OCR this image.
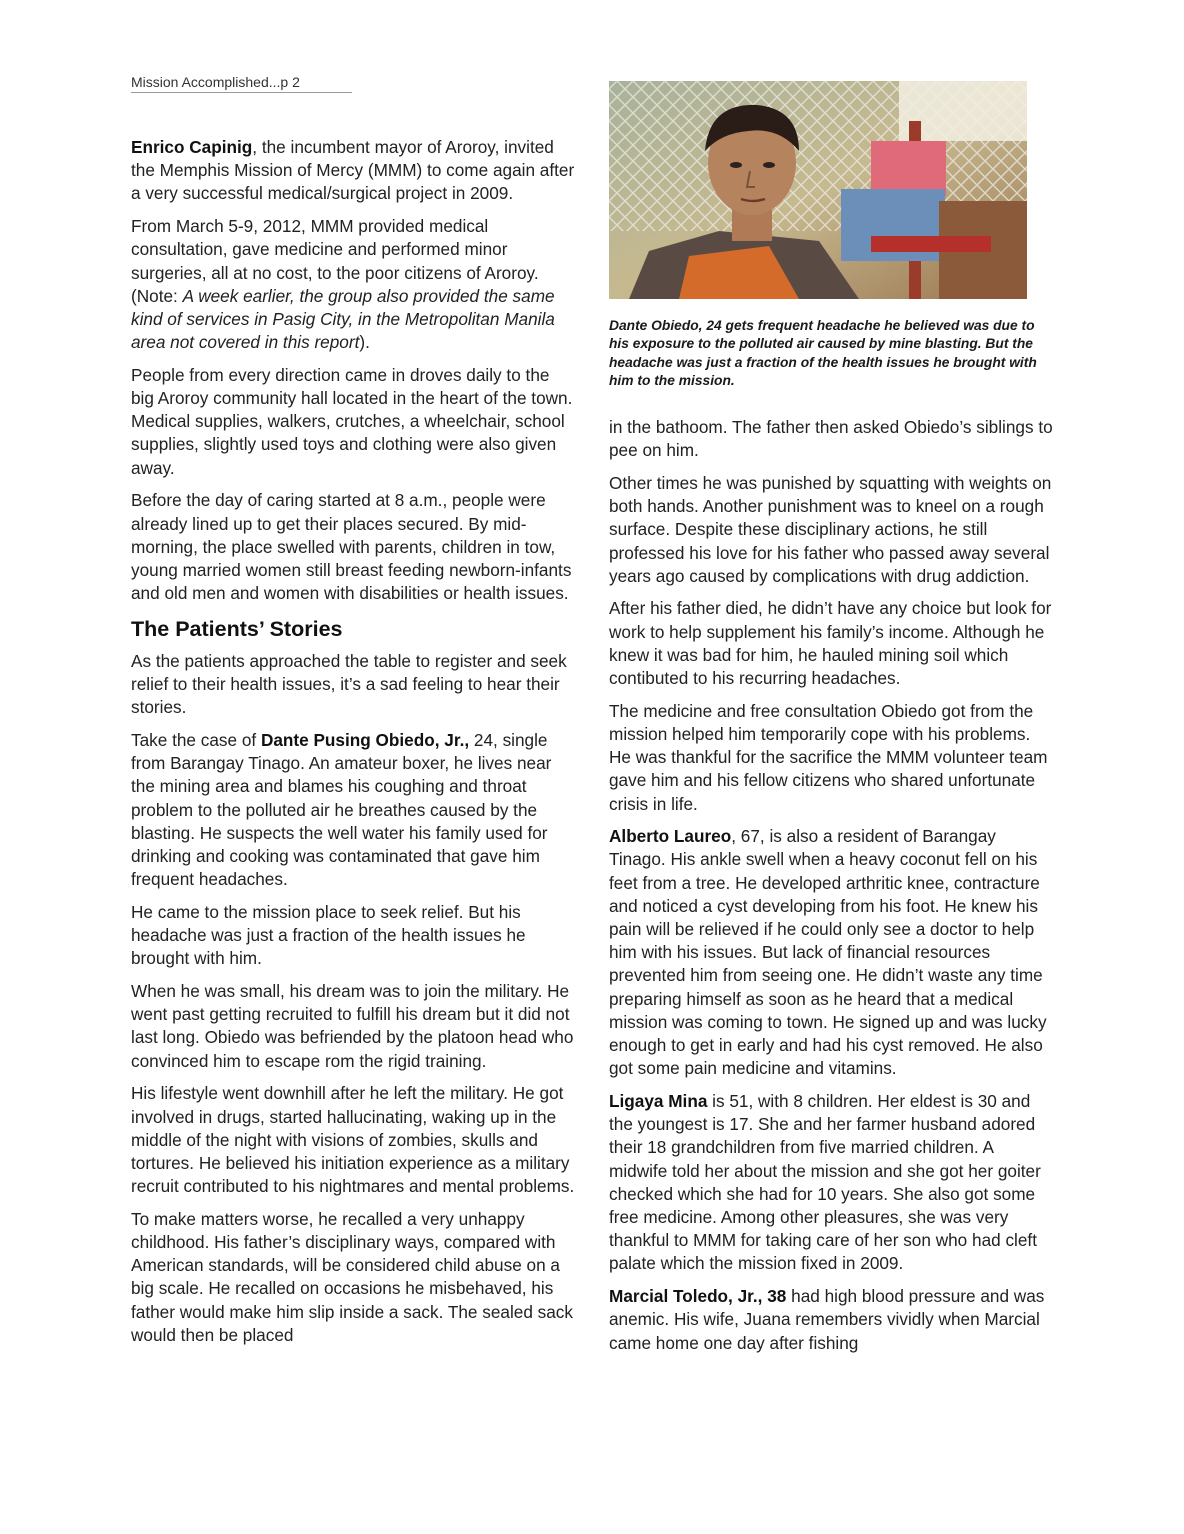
Mission Accomplished...p 2

Enrico Capinig, the incumbent mayor of Aroroy, invited the Memphis Mission of Mercy (MMM) to come again after a very successful medical/surgical project in 2009.

From March 5-9, 2012, MMM provided medical consultation, gave medicine and performed minor surgeries, all at no cost, to the poor citizens of Aroroy. (Note: A week earlier, the group also provided the same kind of services in Pasig City, in the Metropolitan Manila area not covered in this report).

People from every direction came in droves daily to the big Aroroy community hall located in the heart of the town. Medical supplies, walkers, crutches, a wheelchair, school supplies, slightly used toys and clothing were also given away.

Before the day of caring started at 8 a.m., people were already lined up to get their places secured. By mid-morning, the place swelled with parents, children in tow, young married women still breast feeding newborn-infants and old men and women with disabilities or health issues.

The Patients’ Stories

As the patients approached the table to register and seek relief to their health issues, it’s a sad feeling to hear their stories.

Take the case of Dante Pusing Obiedo, Jr., 24, single from Barangay Tinago. An amateur boxer, he lives near the mining area and blames his coughing and throat problem to the polluted air he breathes caused by the blasting. He suspects the well water his family used for drinking and cooking was contaminated that gave him frequent headaches.

He came to the mission place to seek relief. But his headache was just a fraction of the health issues he brought with him.

When he was small, his dream was to join the military. He went past getting recruited to fulfill his dream but it did not last long. Obiedo was befriended by the platoon head who convinced him to escape rom the rigid training.

His lifestyle went downhill after he left the military. He got involved in drugs, started hallucinating, waking up in the middle of the night with visions of zombies, skulls and tortures. He believed his initiation experience as a military recruit contributed to his nightmares and mental problems.

To make matters worse, he recalled a very unhappy childhood. His father’s disciplinary ways, compared with American standards, will be considered child abuse on a big scale. He recalled on occasions he misbehaved, his father would make him slip inside a sack. The sealed sack would then be placed

Dante Obiedo, 24 gets frequent headache he believed was due to his exposure to the polluted air caused by mine blasting. But the headache was just a fraction of the health issues he brought with him to the mission.

in the bathoom. The father then asked Obiedo’s siblings to pee on him.

Other times he was punished by squatting with weights on both hands. Another punishment was to kneel on a rough surface. Despite these disciplinary actions, he still professed his love for his father who passed away several years ago caused by complications with drug addiction.

After his father died, he didn’t have any choice but look for work to help supplement his family’s income. Although he knew it was bad for him, he hauled mining soil which contibuted to his recurring headaches.

The medicine and free consultation Obiedo got from the mission helped him temporarily cope with his problems. He was thankful for the sacrifice the MMM volunteer team gave him and his fellow citizens who shared unfortunate crisis in life.

Alberto Laureo, 67, is also a resident of Barangay Tinago. His ankle swell when a heavy coconut fell on his feet from a tree. He developed arthritic knee, contracture and noticed a cyst developing from his foot. He knew his pain will be relieved if he could only see a doctor to help him with his issues. But lack of financial resources prevented him from seeing one. He didn’t waste any time preparing himself as soon as he heard that a medical mission was coming to town. He signed up and was lucky enough to get in early and had his cyst removed. He also got some pain medicine and vitamins.

Ligaya Mina is 51, with 8 children. Her eldest is 30 and the youngest is 17. She and her farmer husband adored their 18 grandchildren from five married children. A midwife told her about the mission and she got her goiter checked which she had for 10 years. She also got some free medicine. Among other pleasures, she was very thankful to MMM for taking care of her son who had cleft palate which the mission fixed in 2009.

Marcial Toledo, Jr., 38 had high blood pressure and was anemic. His wife, Juana remembers vividly when Marcial came home one day after fishing
